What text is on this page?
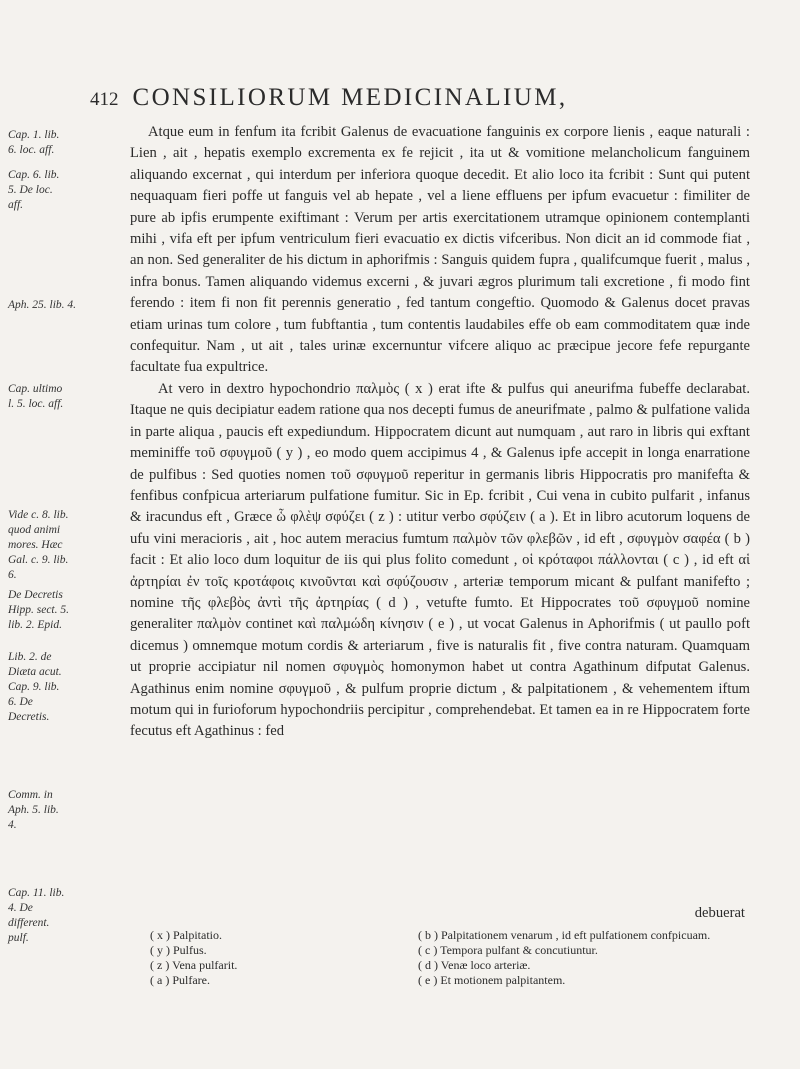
412 CONSILIORUM MEDICINALIUM,
Cap. 1. lib. 6. loc. aff.
Cap. 6. lib. 5. De loc. aff.
Aph. 25. lib. 4.
Cap. ultimo l. 5. loc. aff.
Vide c. 8. lib. quod animi mores. Hæc Gal. c. 9. lib. 6.
De Decretis Hipp. sect. 5. lib. 2. Epid.
Lib. 2. de Diæta acut. Cap. 9. lib. 6. De Decretis.
Comm. in Aph. 5. lib. 4.
Cap. 11. lib. 4. De different. pulf.

Atque eum in fenfum ita fcribit Galenus de evacuatione fanguinis ex corpore lienis , eaque naturali : Lien , ait , hepatis exemplo excrementa ex fe rejicit , ita ut & vomitione melancholicum fanguinem aliquando excernat , qui interdum per inferiora quoque decedit. Et alio loco ita fcribit : Sunt qui putent nequaquam fieri poffe ut fanguis vel ab hepate , vel a liene effluens per ipfum evacuetur : fimiliter de pure ab ipfis erumpente exiftimant : Verum per artis exercitationem utramque opinionem contemplanti mihi , vifa eft per ipfum ventriculum fieri evacuatio ex dictis vifceribus. Non dicit an id commode fiat , an non. Sed generaliter de his dictum in aphorifmis : Sanguis quidem fupra , qualifcumque fuerit , malus , infra bonus. Tamen aliquando videmus excerni , & juvari ægros plurimum tali excretione , fi modo fint ferendo : item fi non fit perennis generatio , fed tantum congeftio. Quomodo & Galenus docet pravas etiam urinas tum colore , tum fubftantia , tum contentis laudabiles effe ob eam commoditatem quæ inde confequitur. Nam , ut ait , tales urinæ excernuntur vifcere aliquo ac præcipue jecore fefe repurgante facultate fua expultrice.

At vero in dextro hypochondrio παλμὸς ( x ) erat ifte & pulfus qui aneurifma fubeffe declarabat. Itaque ne quis decipiatur eadem ratione qua nos decepti fumus de aneurifmate , palmo & pulfatione valida in parte aliqua , paucis eft expediundum. Hippocratem dicunt aut numquam , aut raro in libris qui exftant meminiffe τοῦ σφυγμοῦ ( y ) , eo modo quem accipimus 4 , & Galenus ipfe accepit in longa enarratione de pulfibus : Sed quoties nomen τοῦ σφυγμοῦ reperitur in germanis libris Hippocratis pro manifefta & fenfibus confpicua arteriarum pulfatione fumitur. Sic in Ep. fcribit , Cui vena in cubito pulfarit , infanus & iracundus eft , Græce ὧ φλὲψ σφύζει ( z ) : utitur verbo σφύζειν ( a ). Et in libro acutorum loquens de ufu vini meracioris , ait , hoc autem meracius fumtum παλμὸν τῶν φλεβῶν , id eft , σφυγμὸν σαφέα ( b ) facit : Et alio loco dum loquitur de iis qui plus folito comedunt , οἱ κρόταφοι πάλλονται ( c ) , id eft αἱ ἀρτηρίαι ἐν τοῖς κροτάφοις κινοῦνται καὶ σφύζουσιν , arteriæ temporum micant & pulfant manifefto ; nomine τῆς φλεβὸς ἀντὶ τῆς ἀρτηρίας ( d ) , vetufte fumto. Et Hippocrates τοῦ σφυγμοῦ nomine generaliter παλμὸν continet καὶ παλμώδη κίνησιν ( e ) , ut vocat Galenus in Aphorifmis ( ut paullo poft dicemus ) omnemque motum cordis & arteriarum , five is naturalis fit , five contra naturam. Quamquam ut proprie accipiatur nil nomen σφυγμὸς homonymon habet ut contra Agathinum difputat Galenus. Agathinus enim nomine σφυγμοῦ , & pulfum proprie dictum , & palpitationem , & vehementem iftum motum qui in furioforum hypochondriis percipitur , comprehendebat. Et tamen ea in re Hippocratem forte fecutus eft Agathinus : fed

debuerat
( x ) Palpitatio.
( y ) Pulfus.
( z ) Vena pulfarit.
( a ) Pulfare.
( b ) Palpitationem venarum , id eft pulfationem confpicuam.
( c ) Tempora pulfant & concutiuntur.
( d ) Venæ loco arteriæ.
( e ) Et motionem palpitantem.
